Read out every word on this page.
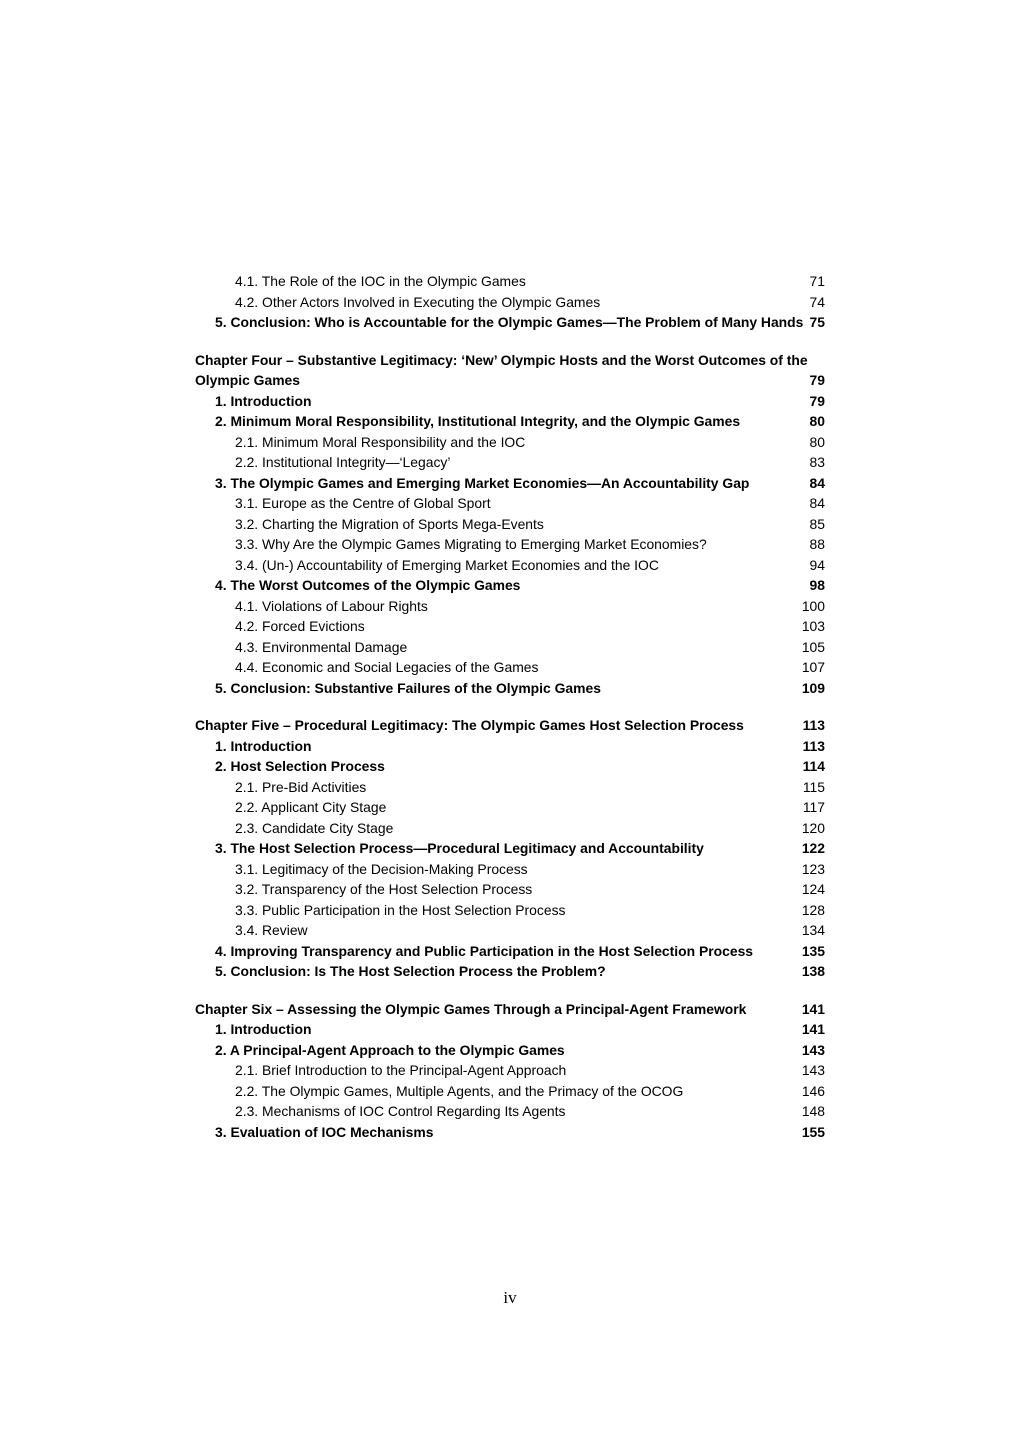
4.1. The Role of the IOC in the Olympic Games	71
4.2. Other Actors Involved in Executing the Olympic Games	74
5. Conclusion: Who is Accountable for the Olympic Games—The Problem of Many Hands 75
Chapter Four – Substantive Legitimacy: ‘New’ Olympic Hosts and the Worst Outcomes of the Olympic Games	79
1. Introduction	79
2. Minimum Moral Responsibility, Institutional Integrity, and the Olympic Games	80
2.1. Minimum Moral Responsibility and the IOC	80
2.2. Institutional Integrity—‘Legacy’	83
3. The Olympic Games and Emerging Market Economies—An Accountability Gap	84
3.1. Europe as the Centre of Global Sport	84
3.2. Charting the Migration of Sports Mega-Events	85
3.3. Why Are the Olympic Games Migrating to Emerging Market Economies?	88
3.4. (Un-) Accountability of Emerging Market Economies and the IOC	94
4. The Worst Outcomes of the Olympic Games	98
4.1. Violations of Labour Rights	100
4.2. Forced Evictions	103
4.3. Environmental Damage	105
4.4. Economic and Social Legacies of the Games	107
5. Conclusion: Substantive Failures of the Olympic Games	109
Chapter Five – Procedural Legitimacy: The Olympic Games Host Selection Process	113
1. Introduction	113
2. Host Selection Process	114
2.1. Pre-Bid Activities	115
2.2. Applicant City Stage	117
2.3. Candidate City Stage	120
3. The Host Selection Process—Procedural Legitimacy and Accountability	122
3.1. Legitimacy of the Decision-Making Process	123
3.2. Transparency of the Host Selection Process	124
3.3. Public Participation in the Host Selection Process	128
3.4. Review	134
4. Improving Transparency and Public Participation in the Host Selection Process	135
5. Conclusion: Is The Host Selection Process the Problem?	138
Chapter Six – Assessing the Olympic Games Through a Principal-Agent Framework	141
1. Introduction	141
2. A Principal-Agent Approach to the Olympic Games	143
2.1. Brief Introduction to the Principal-Agent Approach	143
2.2. The Olympic Games, Multiple Agents, and the Primacy of the OCOG	146
2.3. Mechanisms of IOC Control Regarding Its Agents	148
3. Evaluation of IOC Mechanisms	155
iv
